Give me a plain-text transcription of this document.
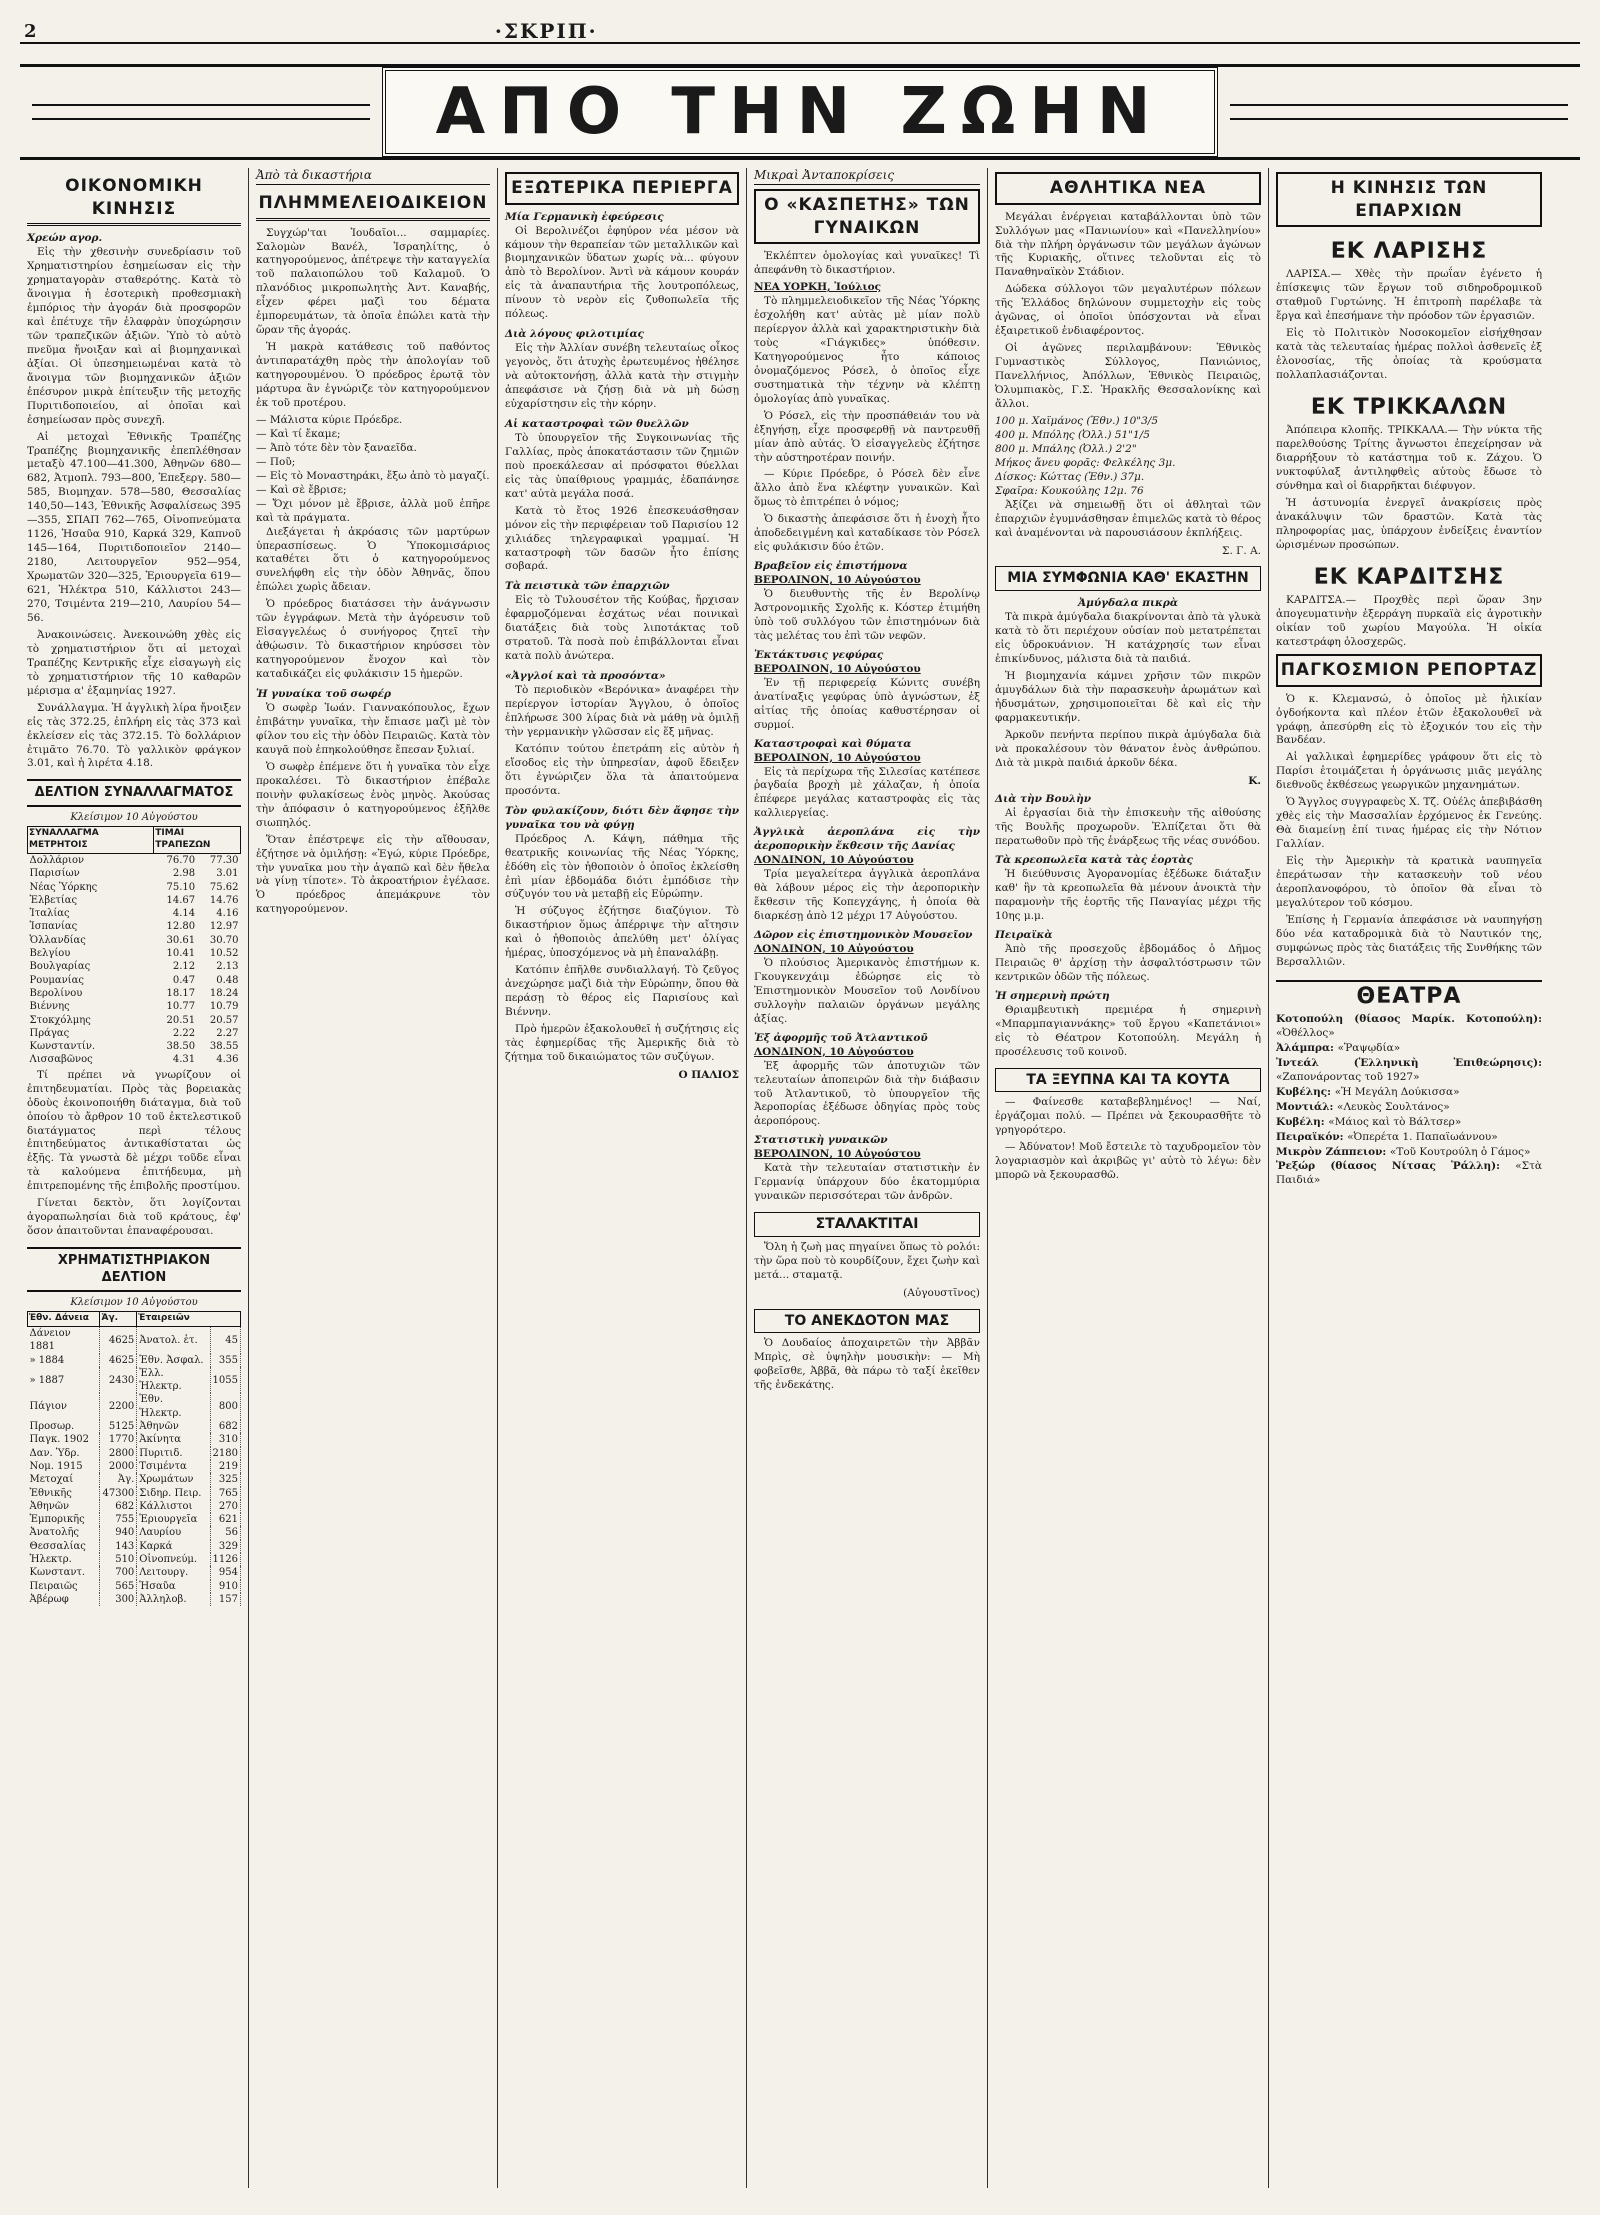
2	·ΣΚΡΙΠ·
ΑΠΟ ΤΗΝ ΖΩΗΝ
ΟΙΚΟΝΟΜΙΚΗ ΚΙΝΗΣΙΣ
Χρεών αγορ.

Εἰς τὴν χθεσινὴν συνεδρίασιν τοῦ Χρηματιστηρίου ἐσημείωσαν εἰς τὴν χρηματαγορὰν σταθερότης. Κατὰ τὸ ἄνοιγμα ἡ ἐσοτερικὴ προθεσμιακὴ ἐμπόριος τὴν ἀγοράν διὰ προσφορῶν καὶ ἐπέτυχε τῆν ἐλαφρὰν ὑποχώρησιν τῶν τραπεζικῶν ἀξιῶν. Ὑπὸ τὸ αὐτὸ πνεῦμα ἤνοιξαν καὶ αἱ βιομηχανικαὶ ἀξίαι. Οἱ ὑπεσημειωμέναι κατὰ τὸ ἄνοιγμα τῶν βιομηχανικῶν ἀξιῶν ἐπέσυρον μικρὰ ἐπίτευξιν τῆς μετοχῆς Πυριτιδοποιείου, αἱ ὁποῖαι καὶ ἐσημείωσαν πρὸς συνεχῆ.

Αἱ μετοχαὶ Ἐθνικῆς Τραπέζης Τραπέζης βιομηχανικῆς ἐπεπλέθησαν μεταξὺ 47.100—41.300, Ἀθηνῶν 680—682, Ἀτμοπλ. 793—800, Ἐπεξεργ. 580—585, Βιομηχαν. 578—580, Θεσσαλίας 140,50—143, Ἐθνικῆς Ἀσφαλίσεως 395—355, ΣΠΑΠ 762—765, Οἰνοπνεύματα 1126, Ἡσαῦα 910, Καρκά 329, Καπνοῦ 145—164, Πυριτιδοποιεῖον 2140—2180, Λειτουργεῖον 952—954, Χρωματῶν 320—325, Ἐριουργεῖα 619—621, Ἠλέκτρα 510, Κάλλιστοι 243—270, Τσιμέντα 219—210, Λαυρίου 54—56.

Ἀνακοινώσεις. Ἀνεκοινώθη χθὲς εἰς τὸ χρηματιστήριον ὅτι αἱ μετοχαὶ Τραπέζης Κεντρικῆς εἶχε εἰσαγωγὴ εἰς τὸ χρηματιστήριον τῆς 10 καθαρῶν μέρισμα α' ἐξαμηνίας 1927.

Συνάλλαγμα. Ἡ ἀγγλικὴ λίρα ἤνοιξεν εἰς τὰς 372.25, ἐπλήρη εἰς τὰς 373 καὶ ἐκλείσεν εἰς τὰς 372.15. Τὸ δολλάριον ἐτιμᾶτο 76.70. Τὸ γαλλικὸν φράγκον 3.01, καὶ ἡ λιρέτα 4.18.

ΔΕΛΤΙΟΝ ΣΥΝΑΛΛΑΓΜΑΤΟΣ
Κλείσιμον 10 Αὐγούστου
ΣΥΝΑΛΛΑΓΜΑ ΜΕΤΡΗΤΟΙΣ	ΤΙΜΑΙ ΤΡΑΠΕΖΩΝ	
Δολλάριον	76.70	77.30
Παρισίων	2.98	3.01
Νέας Ὑόρκης	75.10	75.62
Ἐλβετίας	14.67	14.76
Ἰταλίας	4.14	4.16
Ἰσπανίας	12.80	12.97
Ὁλλανδίας	30.61	30.70
Βελγίου	10.41	10.52
Βουλγαρίας	2.12	2.13
Ρουμανίας	0.47	0.48
Βερολίνου	18.17	18.24
Βιέννης	10.77	10.79
Στοκχόλμης	20.51	20.57
Πράγας	2.22	2.27
Κωνσταντίν.	38.50	38.55
Λισσαβῶνος	4.31	4.36

Τί πρέπει νὰ γνωρίζουν οἱ ἐπιτηδευματίαι. Πρὸς τὰς βορειακὰς ὁδοὺς ἐκοινοποιήθη διάταγμα, διὰ τοῦ ὁποίου τὸ ἄρθρον 10 τοῦ ἐκτελεστικοῦ διατάγματος περὶ τέλους ἐπιτηδεύματος ἀντικαθίσταται ὡς ἑξῆς. Τὰ γνωστὰ δὲ μέχρι τοῦδε εἶναι τὰ καλούμενα ἐπιτήδευμα, μὴ ἐπιτρεπομένης τῆς ἐπιβολῆς προστίμου.

Γίνεται δεκτὸν, ὅτι λογίζονται ἀγοραπωλησίαι διὰ τοῦ κράτους, ἐφ' ὅσον ἀπαιτοῦνται ἐπαναφέρουσαι.

ΧΡΗΜΑΤΙΣΤΗΡΙΑΚΟΝ ΔΕΛΤΙΟΝ
Κλείσιμον 10 Αὐγούστου
Ἐθν. Δάνεια	Ἀγ.	Ἑταιρειῶν	
Δάνειον 1881	4625	Ἀνατολ. ἑτ.	45
» 1884	4625	Ἐθν. Ἀσφαλ.	355
» 1887	2430	Ἐλλ. Ἠλεκτρ.	1055
Πάγιον	2200	Ἐθν. Ἡλεκτρ.	800
Προσωρ.	5125	Ἀθηνῶν	682
Παγκ. 1902	1770	Ἀκίνητα	310
Δαν. Ὑδρ.	2800	Πυριτιδ.	2180
Νομ. 1915	2000	Τσιμέντα	219
Μετοχαί	Ἀγ.	Χρωμάτων	325
Ἐθνικῆς	47300	Σιδηρ. Πειρ.	765
Ἀθηνῶν	682	Κάλλιστοι	270
Ἐμπορικῆς	755	Ἐριουργεῖα	621
Ἀνατολῆς	940	Λαυρίου	56
Θεσσαλίας	143	Καρκά	329
Ἠλεκτρ.	510	Οἰνοπνεύμ.	1126
Κωνσταντ.	700	Λειτουργ.	954
Πειραιῶς	565	Ἡσαῦα	910
Ἀβέρωφ	300	Ἀλληλοβ.	157
Ἀπὸ τὰ δικαστήρια
ΠΛΗΜΜΕΛΕΙΟΔΙΚΕΙΟΝ

Συγχώρ'ται Ἰουδαῖοι... σαμμαρίες. Σαλομὼν Βανέλ, Ἰσραηλίτης, ὁ κατηγορούμενος, ἀπέτρεψε τὴν καταγγελία τοῦ παλαιοπώλου τοῦ Καλαμοῦ. Ὁ πλανόδιος μικροπωλητὴς Ἀντ. Καναβής, εἶχεν φέρει μαζὶ του δέματα ἐμπορευμάτων, τὰ ὁποῖα ἐπώλει κατὰ τὴν ὥραν τῆς ἀγοράς.

Ἡ μακρὰ κατάθεσις τοῦ παθόντος ἀντιπαρατάχθη πρὸς τὴν ἀπολογίαν τοῦ κατηγορουμένου. Ὁ πρόεδρος ἐρωτᾷ τὸν μάρτυρα ἂν ἐγνώριζε τὸν κατηγορούμενον ἐκ τοῦ προτέρου.

— Μάλιστα κύριε Πρόεδρε.
— Καὶ τί ἔκαμε;
— Ἀπὸ τότε δὲν τὸν ξαναεῖδα.
— Ποῦ;
— Εἰς τὸ Μοναστηράκι, ἔξω ἀπὸ τὸ μαγαζί.
— Καὶ σὲ ἔβρισε;
— Ὄχι μόνον μὲ ἔβρισε, ἀλλὰ μοῦ ἐπῆρε καὶ τὰ πράγματα.

Διεξάγεται ἡ ἀκρόασις τῶν μαρτύρων ὑπερασπίσεως. Ὁ Ὑποκομισάριος καταθέτει ὅτι ὁ κατηγορούμενος συνελήφθη εἰς τὴν ὁδὸν Ἀθηνᾶς, ὅπου ἐπώλει χωρὶς ἄδειαν.

Ὁ πρόεδρος διατάσσει τὴν ἀνάγνωσιν τῶν ἐγγράφων. Μετὰ τὴν ἀγόρευσιν τοῦ Εἰσαγγελέως ὁ συνήγορος ζητεῖ τὴν ἀθῴωσιν. Τὸ δικαστήριον κηρύσσει τὸν κατηγορούμενον ἔνοχον καὶ τὸν καταδικάζει εἰς φυλάκισιν 15 ἡμερῶν.

Ἡ γυναίκα τοῦ σωφέρ

Ὁ σωφὲρ Ἰωάν. Γιαννακόπουλος, ἔχων ἐπιβάτην γυναῖκα, τὴν ἔπιασε μαζὶ μὲ τὸν φίλον του εἰς τὴν ὁδὸν Πειραιῶς. Κατὰ τὸν καυγᾶ ποὺ ἐπηκολούθησε ἔπεσαν ξυλιαί.

Ὁ σωφὲρ ἐπέμενε ὅτι ἡ γυναῖκα τὸν εἶχε προκαλέσει. Τὸ δικαστήριον ἐπέβαλε ποινὴν φυλακίσεως ἑνὸς μηνὸς. Ἀκούσας τὴν ἀπόφασιν ὁ κατηγορούμενος ἐξῆλθε σιωπηλός.

Ὅταν ἐπέστρεψε εἰς τὴν αἴθουσαν, ἐζήτησε νὰ ὁμιλήσῃ: «Ἐγώ, κύριε Πρόεδρε, τὴν γυναῖκα μου τὴν ἀγαπῶ καὶ δὲν ἤθελα νὰ γίνῃ τίποτε». Τὸ ἀκροατήριον ἐγέλασε. Ὁ πρόεδρος ἀπεμάκρυνε τὸν κατηγορούμενον.

ΕΞΩΤΕΡΙΚΑ ΠΕΡΙΕΡΓΑ
Μία Γερμανικὴ ἐφεύρεσις

Οἱ Βερολινέζοι ἐφηύρον νέα μέσον νὰ κάμουν τὴν θεραπείαν τῶν μεταλλικῶν καὶ βιομηχανικῶν ὕδατων χωρίς νὰ... φύγουν ἀπὸ τὸ Βερολίνον. Ἀντὶ νὰ κάμουν κουράν εἰς τὰ ἀναπαυτήρια τῆς λουτροπόλεως, πίνουν τὸ νερὸν εἰς ζυθοπωλεῖα τῆς πόλεως.

Διὰ λόγους φιλοτιμίας

Εἰς τὴν Ἀλλίαν συνέβη τελευταίως οἶκος γεγονὸς, ὅτι ἀτυχὴς ἐρωτευμένος ἠθέλησε νὰ αὐτοκτονήσῃ, ἀλλὰ κατὰ τὴν στιγμὴν ἀπεφάσισε νὰ ζήσῃ διὰ νὰ μὴ δώσῃ εὐχαρίστησιν εἰς τὴν κόρην.

Αἱ καταστροφαὶ τῶν θυελλῶν

Τὸ ὑπουργεῖον τῆς Συγκοινωνίας τῆς Γαλλίας, πρὸς ἀποκατάστασιν τῶν ζημιῶν ποὺ προεκάλεσαν αἱ πρόσφατοι θύελλαι εἰς τὰς ὑπαίθριους γραμμάς, ἐδαπάνησε κατ' αὐτὰ μεγάλα ποσά.

Κατὰ τὸ ἔτος 1926 ἐπεσκευάσθησαν μόνον εἰς τὴν περιφέρειαν τοῦ Παρισίου 12 χιλιάδες τηλεγραφικαὶ γραμμαί. Ἡ καταστροφὴ τῶν δασῶν ἦτο ἐπίσης σοβαρά.

Τὰ πειστικὰ τῶν ἐπαρχιῶν

Εἰς τὸ Τυλουσέτον τῆς Κούβας, ἤρχισαν ἐφαρμοζόμεναι ἐσχάτως νέαι ποινικαὶ διατάξεις διὰ τοὺς λιποτάκτας τοῦ στρατοῦ. Τὰ ποσὰ ποὺ ἐπιβάλλονται εἶναι κατὰ πολὺ ἀνώτερα.

«Ἀγγλοί καὶ τὰ προσόντα»

Τὸ περιοδικὸν «Βερόνικα» ἀναφέρει τὴν περίεργον ἱστορίαν Ἄγγλου, ὁ ὁποῖος ἐπλήρωσε 300 λίρας διὰ νὰ μάθῃ νὰ ὁμιλῇ τὴν γερμανικὴν γλῶσσαν εἰς ἕξ μῆνας.

Κατόπιν τούτου ἐπετράπη εἰς αὐτὸν ἡ εἴσοδος εἰς τὴν ὑπηρεσίαν, ἀφοῦ ἔδειξεν ὅτι ἐγνώριζεν ὅλα τὰ ἀπαιτούμενα προσόντα.

Τὸν φυλακίζουν, διότι δὲν ἄφησε τὴν γυναῖκα του νὰ φύγῃ

Πρόεδρος Λ. Κάψη, πάθημα τῆς θεατρικῆς κοινωνίας τῆς Νέας Ὑόρκης, ἐδόθη εἰς τὸν ἠθοποιὸν ὁ ὁποῖος ἐκλείσθη ἐπὶ μίαν ἑβδομάδα διότι ἐμπόδισε τὴν σύζυγόν του νὰ μεταβῇ εἰς Εὐρώπην.

Ἡ σύζυγος ἐζήτησε διαζύγιον. Τὸ δικαστήριον ὅμως ἀπέρριψε τὴν αἴτησιν καὶ ὁ ἠθοποιὸς ἀπελύθη μετ' ὀλίγας ἡμέρας, ὑποσχόμενος νὰ μὴ ἐπαναλάβῃ.

Κατόπιν ἐπῆλθε συνδιαλλαγή. Τὸ ζεῦγος ἀνεχώρησε μαζὶ διὰ τὴν Εὐρώπην, ὅπου θὰ περάσῃ τὸ θέρος εἰς Παρισίους καὶ Βιέννην.

Πρὸ ἡμερῶν ἐξακολουθεῖ ἡ συζήτησις εἰς τὰς ἐφημερίδας τῆς Ἀμερικῆς διὰ τὸ ζήτημα τοῦ δικαιώματος τῶν συζύγων.

Ο ΠΑΛΙΟΣ
Μικραὶ Ἀνταποκρίσεις
Ο «ΚΑΣΠΕΤΗΣ» ΤΩΝ ΓΥΝΑΙΚΩΝ

Ἐκλέπτεν ὁμολογίας καὶ γυναῖκες! Τὶ ἀπεφάνθη τὸ δικαστήριον.

ΝΕΑ ΥΟΡΚΗ, Ἰούλιος

Τὸ πλημμελειοδικεῖον τῆς Νέας Ὑόρκης ἐσχολήθη κατ' αὐτὰς μὲ μίαν πολὺ περίεργον ἀλλὰ καὶ χαρακτηριστικὴν διὰ τοὺς «Γιάγκιδες» ὑπόθεσιν. Κατηγορούμενος ἦτο κάποιος ὀνομαζόμενος Ρόσελ, ὁ ὁποῖος εἶχε συστηματικὰ τὴν τέχνην νὰ κλέπτῃ ὁμολογίας ἀπὸ γυναῖκας.

Ὁ Ρόσελ, εἰς τὴν προσπάθειάν του νὰ ἐξηγήσῃ, εἶχε προσφερθῇ νὰ παντρευθῇ μίαν ἀπὸ αὐτάς. Ὁ εἰσαγγελεὺς ἐζήτησε τὴν αὐστηροτέραν ποινήν.

— Κύριε Πρόεδρε, ὁ Ρόσελ δὲν εἶνε ἄλλο ἀπὸ ἕνα κλέφτην γυναικῶν. Καὶ ὅμως τὸ ἐπιτρέπει ὁ νόμος;

Ὁ δικαστὴς ἀπεφάσισε ὅτι ἡ ἐνοχὴ ἦτο ἀποδεδειγμένη καὶ καταδίκασε τὸν Ρόσελ εἰς φυλάκισιν δύο ἐτῶν.

Βραβεῖον εἰς ἐπιστήμονα
ΒΕΡΟΛΙΝΟΝ, 10 Αὐγούστου

Ὁ διευθυντὴς τῆς ἐν Βερολίνῳ Ἀστρονομικῆς Σχολῆς κ. Κόστερ ἐτιμήθη ὑπὸ τοῦ συλλόγου τῶν ἐπιστημόνων διὰ τὰς μελέτας του ἐπὶ τῶν νεφῶν.

Ἐκτάκτυσις γεφύρας
ΒΕΡΟΛΙΝΟΝ, 10 Αὐγούστου

Ἐν τῇ περιφερείᾳ Κώνιτς συνέβη ἀνατίναξις γεφύρας ὑπὸ ἀγνώστων, ἐξ αἰτίας τῆς ὁποίας καθυστέρησαν οἱ συρμοί.

Καταστροφαὶ καὶ θύματα
ΒΕΡΟΛΙΝΟΝ, 10 Αὐγούστου

Εἰς τὰ περίχωρα τῆς Σιλεσίας κατέπεσε ῥαγδαία βροχὴ μὲ χάλαζαν, ἡ ὁποία ἐπέφερε μεγάλας καταστροφὰς εἰς τὰς καλλιεργείας.

Ἀγγλικὰ ἀεροπλάνα εἰς τὴν ἀεροπορικὴν ἔκθεσιν τῆς Δανίας
ΛΟΝΔΙΝΟΝ, 10 Αὐγούστου

Τρία μεγαλείτερα ἀγγλικὰ ἀεροπλάνα θὰ λάβουν μέρος εἰς τὴν ἀεροπορικὴν ἔκθεσιν τῆς Κοπεγχάγης, ἡ ὁποία θὰ διαρκέσῃ ἀπὸ 12 μέχρι 17 Αὐγούστου.

Δῶρον εἰς ἐπιστημονικὸν Μουσεῖον
ΛΟΝΔΙΝΟΝ, 10 Αὐγούστου

Ὁ πλούσιος Ἀμερικανὸς ἐπιστήμων κ. Γκουγκενχάιμ ἐδώρησε εἰς τὸ Ἐπιστημονικὸν Μουσεῖον τοῦ Λονδίνου συλλογὴν παλαιῶν ὀργάνων μεγάλης ἀξίας.

Ἐξ ἀφορμῆς τοῦ Ἀτλαντικοῦ
ΛΟΝΔΙΝΟΝ, 10 Αὐγούστου

Ἐξ ἀφορμῆς τῶν ἀποτυχιῶν τῶν τελευταίων ἀποπειρῶν διὰ τὴν διάβασιν τοῦ Ἀτλαντικοῦ, τὸ ὑπουργεῖον τῆς Ἀεροπορίας ἐξέδωσε ὁδηγίας πρὸς τοὺς ἀεροπόρους.

Στατιστικὴ γυναικῶν
ΒΕΡΟΛΙΝΟΝ, 10 Αὐγούστου

Κατὰ τὴν τελευταίαν στατιστικὴν ἐν Γερμανίᾳ ὑπάρχουν δύο ἑκατομμύρια γυναικῶν περισσότεραι τῶν ἀνδρῶν.

ΣΤΑΛΑΚΤΙΤΑΙ

Ὅλη ἡ ζωὴ μας πηγαίνει ὅπως τὸ ρολόι: τὴν ὥρα ποὺ τὸ κουρδίζουν, ἔχει ζωὴν καὶ μετά... σταματᾷ.

(Αὐγουστῖνος)
ΤΟ ΑΝΕΚΔΟΤΟΝ ΜΑΣ

Ὁ Δουδαίος ἀποχαιρετῶν τὴν Ἀββᾶν Μπρὶς, σὲ ὑψηλὴν μουσικὴν: — Μὴ φοβεῖσθε, Ἀββᾶ, θὰ πάρω τὸ ταξί ἐκεῖθεν τῆς ἑνδεκάτης.

ΑΘΛΗΤΙΚΑ ΝΕΑ

Μεγάλαι ἐνέργειαι καταβάλλονται ὑπὸ τῶν Συλλόγων μας «Πανιωνίου» καὶ «Πανελληνίου» διὰ τὴν πλήρη ὀργάνωσιν τῶν μεγάλων ἀγώνων τῆς Κυριακῆς, οἵτινες τελοῦνται εἰς τὸ Παναθηναϊκὸν Στάδιον.

Δώδεκα σύλλογοι τῶν μεγαλυτέρων πόλεων τῆς Ἑλλάδος δηλώνουν συμμετοχὴν εἰς τοὺς ἀγῶνας, οἱ ὁποῖοι ὑπόσχονται νὰ εἶναι ἐξαιρετικοῦ ἐνδιαφέροντος.

Οἱ ἀγῶνες περιλαμβάνουν: Ἐθνικὸς Γυμναστικὸς Σύλλογος, Πανιώνιος, Πανελλήνιος, Ἀπόλλων, Ἐθνικὸς Πειραιῶς, Ὀλυμπιακὸς, Γ.Σ. Ἡρακλῆς Θεσσαλονίκης καὶ ἄλλοι.

100 μ. Χαϊμάνος (Ἐθν.) 10"3/5
400 μ. Μπόλης (Ὀλλ.) 51"1/5
800 μ. Μπάλης (Ὀλλ.) 2'2"
Μήκος ἄνευ φορᾶς: Φελκέλης 3μ.
Δίσκος: Κώττας (Ἐθν.) 37μ.
Σφαῖρα: Κουκούλης 12μ. 76

Ἀξίζει νὰ σημειωθῇ ὅτι οἱ ἀθληταὶ τῶν ἐπαρχιῶν ἐγυμνάσθησαν ἐπιμελῶς κατὰ τὸ θέρος καὶ ἀναμένονται νὰ παρουσιάσουν ἐκπλήξεις.

Σ. Γ. Α.
ΜΙΑ ΣΥΜΦΩΝΙΑ ΚΑΘ' ΕΚΑΣΤΗΝ
Ἀμύγδαλα πικρὰ

Τὰ πικρὰ ἀμύγδαλα διακρίνονται ἀπὸ τὰ γλυκὰ κατὰ τὸ ὅτι περιέχουν οὐσίαν ποὺ μετατρέπεται εἰς ὑδροκυάνιον. Ἡ κατάχρησίς των εἶναι ἐπικίνδυνος, μάλιστα διὰ τὰ παιδιά.

Ἡ βιομηχανία κάμνει χρῆσιν τῶν πικρῶν ἀμυγδάλων διὰ τὴν παρασκευὴν ἀρωμάτων καὶ ἡδυσμάτων, χρησιμοποιεῖται δὲ καὶ εἰς τὴν φαρμακευτικήν.

Ἀρκοῦν πενήντα περίπου πικρὰ ἀμύγδαλα διὰ νὰ προκαλέσουν τὸν θάνατον ἑνὸς ἀνθρώπου. Διὰ τὰ μικρὰ παιδιά ἀρκοῦν δέκα.

Κ.
Διὰ τὴν Βουλὴν

Αἱ ἐργασίαι διὰ τὴν ἐπισκευὴν τῆς αἰθούσης τῆς Βουλῆς προχωροῦν. Ἐλπίζεται ὅτι θὰ περατωθοῦν πρὸ τῆς ἐνάρξεως τῆς νέας συνόδου.

Τὰ κρεοπωλεῖα κατὰ τὰς ἑορτὰς

Ἡ διεύθυνσις Ἀγορανομίας ἐξέδωκε διάταξιν καθ' ἣν τὰ κρεοπωλεῖα θὰ μένουν ἀνοικτὰ τὴν παραμονὴν τῆς ἑορτῆς τῆς Παναγίας μέχρι τῆς 10ης μ.μ.

Πειραϊκὰ

Ἀπὸ τῆς προσεχοῦς ἑβδομάδος ὁ Δῆμος Πειραιῶς θ' ἀρχίσῃ τὴν ἀσφαλτόστρωσιν τῶν κεντρικῶν ὁδῶν τῆς πόλεως.

Ἡ σημερινὴ πρώτη

Θριαμβευτικὴ πρεμιέρα ἡ σημερινὴ «Μπαρμπαγιαννάκης» τοῦ ἔργου «Καπετάνιοι» εἰς τὸ Θέατρον Κοτοπούλη. Μεγάλη ἡ προσέλευσις τοῦ κοινοῦ.

ΤΑ ΞΕΥΠΝΑ ΚΑΙ ΤΑ ΚΟΥΤΑ

— Φαίνεσθε καταβεβλημένος! — Ναί, ἐργάζομαι πολύ. — Πρέπει νὰ ξεκουρασθῆτε τὸ γρηγορότερο.

— Ἀδύνατον! Μοῦ ἔστειλε τὸ ταχυδρομεῖον τὸν λογαριασμὸν καὶ ἀκριβῶς γι' αὐτὸ τὸ λέγω: δὲν μπορῶ νὰ ξεκουρασθῶ.

Η ΚΙΝΗΣΙΣ ΤΩΝ ΕΠΑΡΧΙΩΝ
ΕΚ ΛΑΡΙΣΗΣ

ΛΑΡΙΣΑ.— Χθὲς τὴν πρωΐαν ἐγένετο ἡ ἐπίσκεψις τῶν ἔργων τοῦ σιδηροδρομικοῦ σταθμοῦ Γυρτώνης. Ἡ ἐπιτροπὴ παρέλαβε τὰ ἔργα καὶ ἐπεσήμανε τὴν πρόοδον τῶν ἐργασιῶν.

Εἰς τὸ Πολιτικὸν Νοσοκομεῖον εἰσήχθησαν κατὰ τὰς τελευταίας ἡμέρας πολλοὶ ἀσθενεῖς ἐξ ἑλονοσίας, τῆς ὁποίας τὰ κρούσματα πολλαπλασιάζονται.

ΕΚ ΤΡΙΚΚΑΛΩΝ

Ἀπόπειρα κλοπῆς. ΤΡΙΚΚΑΛΑ.— Τὴν νύκτα τῆς παρελθούσης Τρίτης ἄγνωστοι ἐπεχείρησαν νὰ διαρρήξουν τὸ κατάστημα τοῦ κ. Ζάχου. Ὁ νυκτοφύλαξ ἀντιληφθεὶς αὐτοὺς ἔδωσε τὸ σύνθημα καὶ οἱ διαρρῆκται διέφυγον.

Ἡ ἀστυνομία ἐνεργεῖ ἀνακρίσεις πρὸς ἀνακάλυψιν τῶν δραστῶν. Κατὰ τὰς πληροφορίας μας, ὑπάρχουν ἐνδείξεις ἐναντίον ὡρισμένων προσώπων.

ΕΚ ΚΑΡΔΙΤΣΗΣ

ΚΑΡΔΙΤΣΑ.— Προχθὲς περὶ ὥραν 3ην ἀπογευματινὴν ἐξερράγη πυρκαϊὰ εἰς ἀγροτικὴν οἰκίαν τοῦ χωρίου Μαγούλα. Ἡ οἰκία κατεστράφη ὁλοσχερῶς.

ΠΑΓΚΟΣΜΙΟΝ ΡΕΠΟΡΤΑΖ

Ὁ κ. Κλεμανσώ, ὁ ὁποῖος μὲ ἡλικίαν ὀγδοήκοντα καὶ πλέον ἐτῶν ἐξακολουθεῖ νὰ γράφῃ, ἀπεσύρθη εἰς τὸ ἐξοχικόν του εἰς τὴν Βανδέαν.

Αἱ γαλλικαὶ ἐφημερίδες γράφουν ὅτι εἰς τὸ Παρίσι ἐτοιμάζεται ἡ ὀργάνωσις μιᾶς μεγάλης διεθνοῦς ἐκθέσεως γεωργικῶν μηχανημάτων.

Ὁ Ἄγγλος συγγραφεὺς Χ. Τζ. Οὐέλς ἀπεβιβάσθη χθὲς εἰς τὴν Μασσαλίαν ἐρχόμενος ἐκ Γενεύης. Θὰ διαμείνῃ ἐπί τινας ἡμέρας εἰς τὴν Νότιον Γαλλίαν.

Εἰς τὴν Ἀμερικὴν τὰ κρατικὰ ναυπηγεῖα ἐπεράτωσαν τὴν κατασκευὴν τοῦ νέου ἀεροπλανοφόρου, τὸ ὁποῖον θὰ εἶναι τὸ μεγαλύτερον τοῦ κόσμου.

Ἐπίσης ἡ Γερμανία ἀπεφάσισε νὰ ναυπηγήσῃ δύο νέα καταδρομικὰ διὰ τὸ Ναυτικόν της, συμφώνως πρὸς τὰς διατάξεις τῆς Συνθήκης τῶν Βερσαλλιῶν.

ΘΕΑΤΡΑ
Κοτοπούλη (θίασος Μαρίκ. Κοτοπούλη): «Ὀθέλλος»
Ἀλάμπρα: «Ῥαψῳδία»
Ἰντεάλ (Ἑλληνικὴ Ἐπιθεώρησις): «Ζαπονάροντας τοῦ 1927»
Κυβέλης: «Ἡ Μεγάλη Δούκισσα»
Μοντιάλ: «Λευκὸς Σουλτάνος»
Κυβέλη: «Μάιος καὶ τὸ Βάλτσερ»
Πειραϊκόν: «Ὀπερέτα 1. Παπαϊωάννου»
Μικρὸν Ζάππειον: «Τοῦ Κουτρούλη ὁ Γάμος»
Ῥεξώρ (θίασος Νίτσας Ῥάλλη): «Στὰ Παιδιά»
